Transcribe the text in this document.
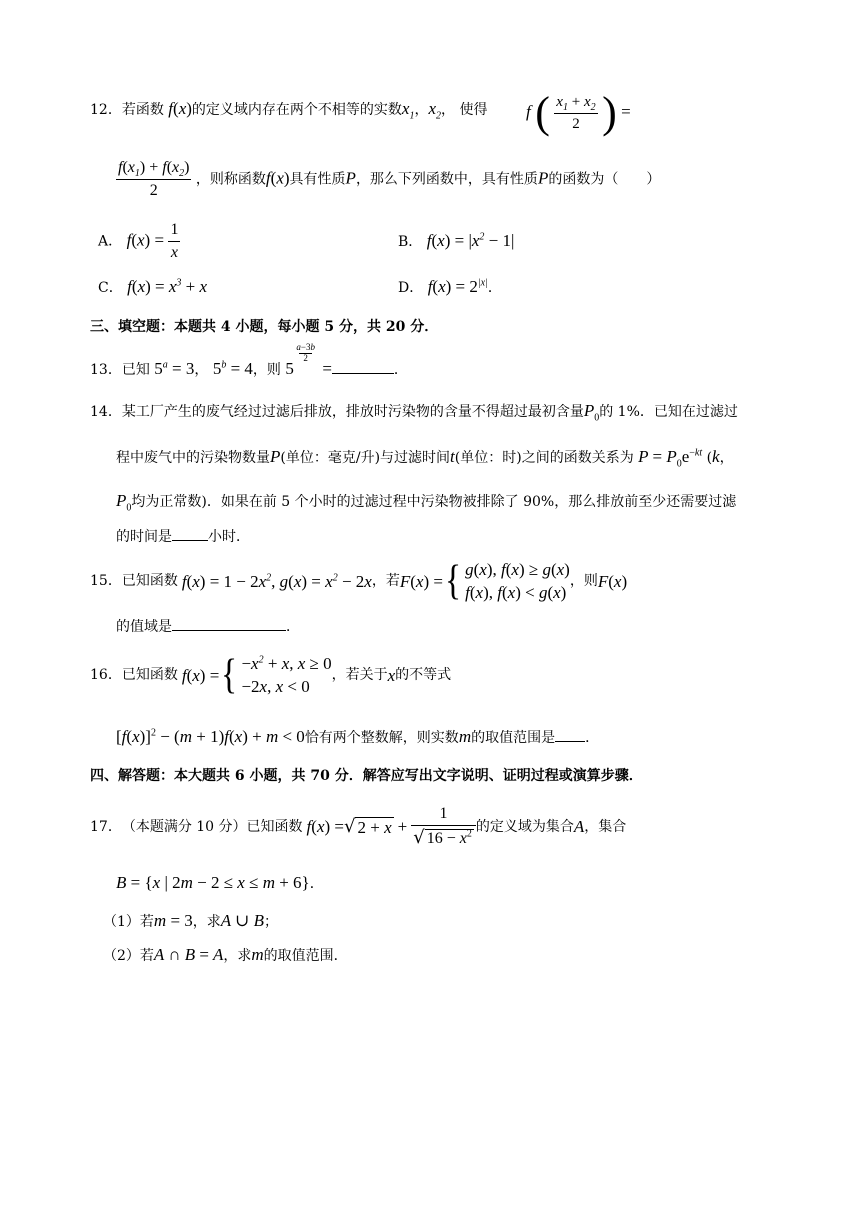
12．若函数 f(x)的定义域内存在两个不相等的实数$x_1$，$x_2$， 使得 f ( $\frac{x_1 + x_2}{2}$ ) =
$\frac{f(x_1) + f(x_2)}{2}$ ，则称函数f(x)具有性质P，那么下列函数中，具有性质P的函数为（　　）
A． $f(x) = \frac{1}{x}$	B． $f(x) = |x^2 - 1|$
C． $f(x) = x^3 + x$	D． $f(x) = 2^{|x|}$．
三、填空题：本题共 4 小题，每小题 5 分，共 20 分．
13．已知 $5^a = 3$， $5^b = 4$，则 5
a−3b
2
=	．
14．某工厂产生的废气经过过滤后排放，排放时污染物的含量不得超过最初含量$P_0$的 1%．已知在过滤过
程中废气中的污染物数量P(单位：毫克/升)与过滤时间t(单位：时)之间的函数关系为 $P = P_0e^{-kt}$ (k，
$P_0$均为正常数)．如果在前 5 个小时的过滤过程中污染物被排除了 90%，那么排放前至少还需要过滤
的时间是	小时．
15． 已知函数 $f(x) = 1 - 2x^2$, $g(x) = x^2 - 2x$ ，若 F(x) = { g(x), f(x) ≥ g(x)
f(x), f(x) < g(x)
，则 F(x)
的值域是	．
16． 已知函数 f(x) = { $-x^2 + x$, x ≥ 0
−2x, x < 0
，若关于 x 的不等式
$[f(x)]^2 - (m + 1)f(x) + m < 0$恰有两个整数解，则实数m的取值范围是 ．
四、解答题：本大题共 6 小题，共 70 分．解答应写出文字说明、证明过程或演算步骤．
17． （本题满分 10 分）已知函数 f(x) = √ $2 + x + \frac{1}{√ 16 - x^2}$ 的定义域为集合 A ，集合
B = {x | 2m − 2 ≤ x ≤ m + 6}．
（1）若m = 3，求A ∪ B；
（2）若A ∩ B = A，求m的取值范围．
